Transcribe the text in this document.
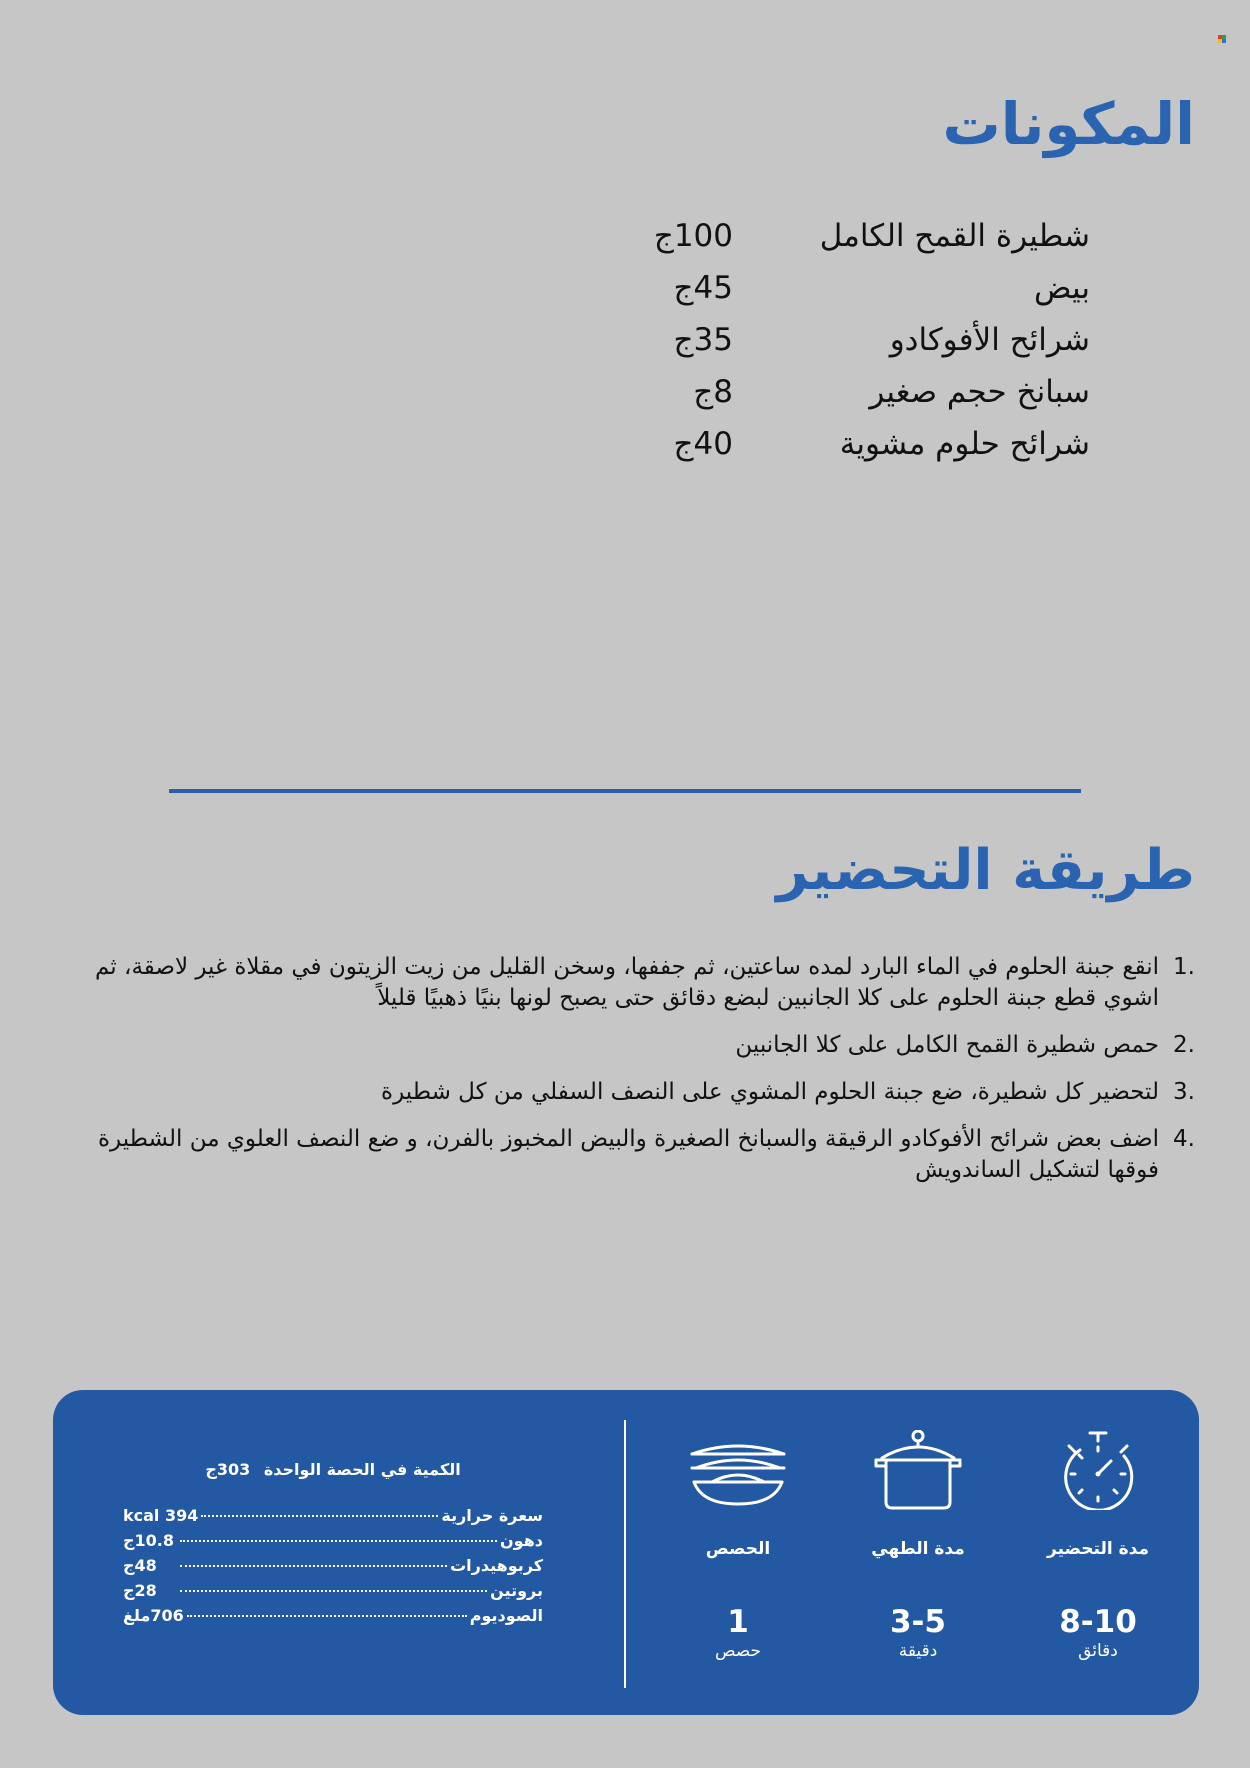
المكونات
شطيرة القمح الكامل
100ج
بيض
45ج
شرائح الأفوكادو
35ج
سبانخ حجم صغير
8ج
شرائح حلوم مشوية
40ج
طريقة التحضير
1.
انقع جبنة الحلوم في الماء البارد لمده ساعتين، ثم جففها، وسخن القليل من زيت الزيتون في مقلاة غير لاصقة، ثم اشوي قطع جبنة الحلوم على كلا الجانبين لبضع دقائق حتى يصبح لونها بنيًا ذهبيًا قليلاً
2.
حمص شطيرة القمح الكامل على كلا الجانبين
3.
لتحضير كل شطيرة، ضع جبنة الحلوم المشوي على النصف السفلي من كل شطيرة
4.
اضف بعض شرائح الأفوكادو الرقيقة والسبانخ الصغيرة والبيض المخبوز بالفرن، و ضع النصف العلوي من الشطيرة فوقها لتشكيل الساندويش
الكمية في الحصة الواحدة 303ج
سعرة حرارية
394 kcal
دهون
10.8ج
كربوهيدرات
48ج
بروتين
28ج
الصوديوم
706ملغ
الحصص
1
حصص
مدة الطهي
3-5
دقيقة
مدة التحضير
8-10
دقائق
